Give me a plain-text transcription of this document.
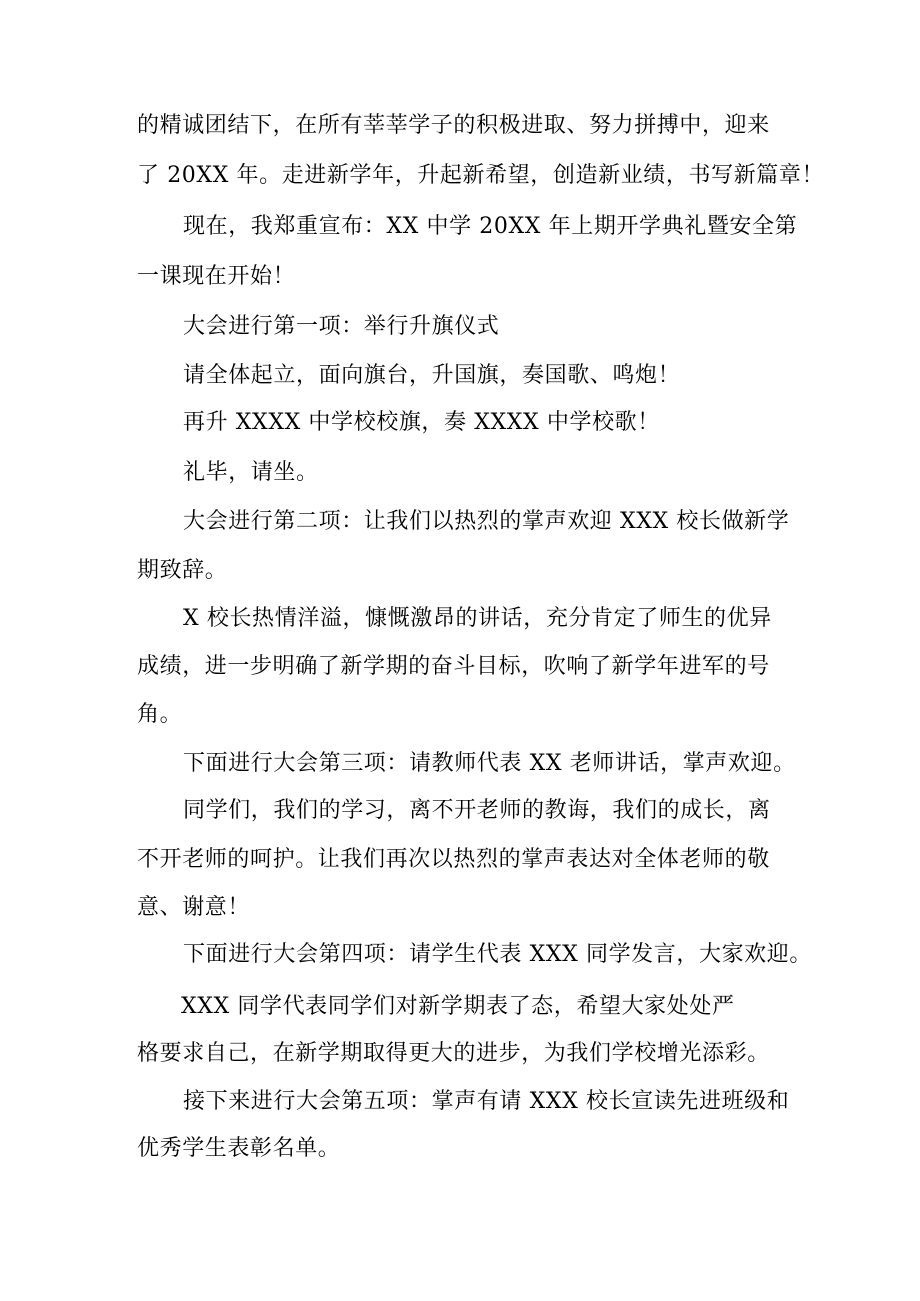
的精诚团结下，在所有莘莘学子的积极进取、努力拼搏中，迎来
了 20XX 年。走进新学年，升起新希望，创造新业绩，书写新篇章！
现在，我郑重宣布：XX 中学 20XX 年上期开学典礼暨安全第
一课现在开始！
大会进行第一项：举行升旗仪式
请全体起立，面向旗台，升国旗，奏国歌、鸣炮！
再升 XXXX 中学校校旗，奏 XXXX 中学校歌！
礼毕，请坐。
大会进行第二项：让我们以热烈的掌声欢迎 XXX 校长做新学
期致辞。
X 校长热情洋溢，慷慨激昂的讲话，充分肯定了师生的优异
成绩，进一步明确了新学期的奋斗目标，吹响了新学年进军的号
角。
下面进行大会第三项：请教师代表 XX 老师讲话，掌声欢迎。
同学们，我们的学习，离不开老师的教诲，我们的成长，离
不开老师的呵护。让我们再次以热烈的掌声表达对全体老师的敬
意、谢意！
下面进行大会第四项：请学生代表 XXX 同学发言，大家欢迎。
XXX 同学代表同学们对新学期表了态，希望大家处处严
格要求自己，在新学期取得更大的进步，为我们学校增光添彩。
接下来进行大会第五项：掌声有请 XXX 校长宣读先进班级和
优秀学生表彰名单。
